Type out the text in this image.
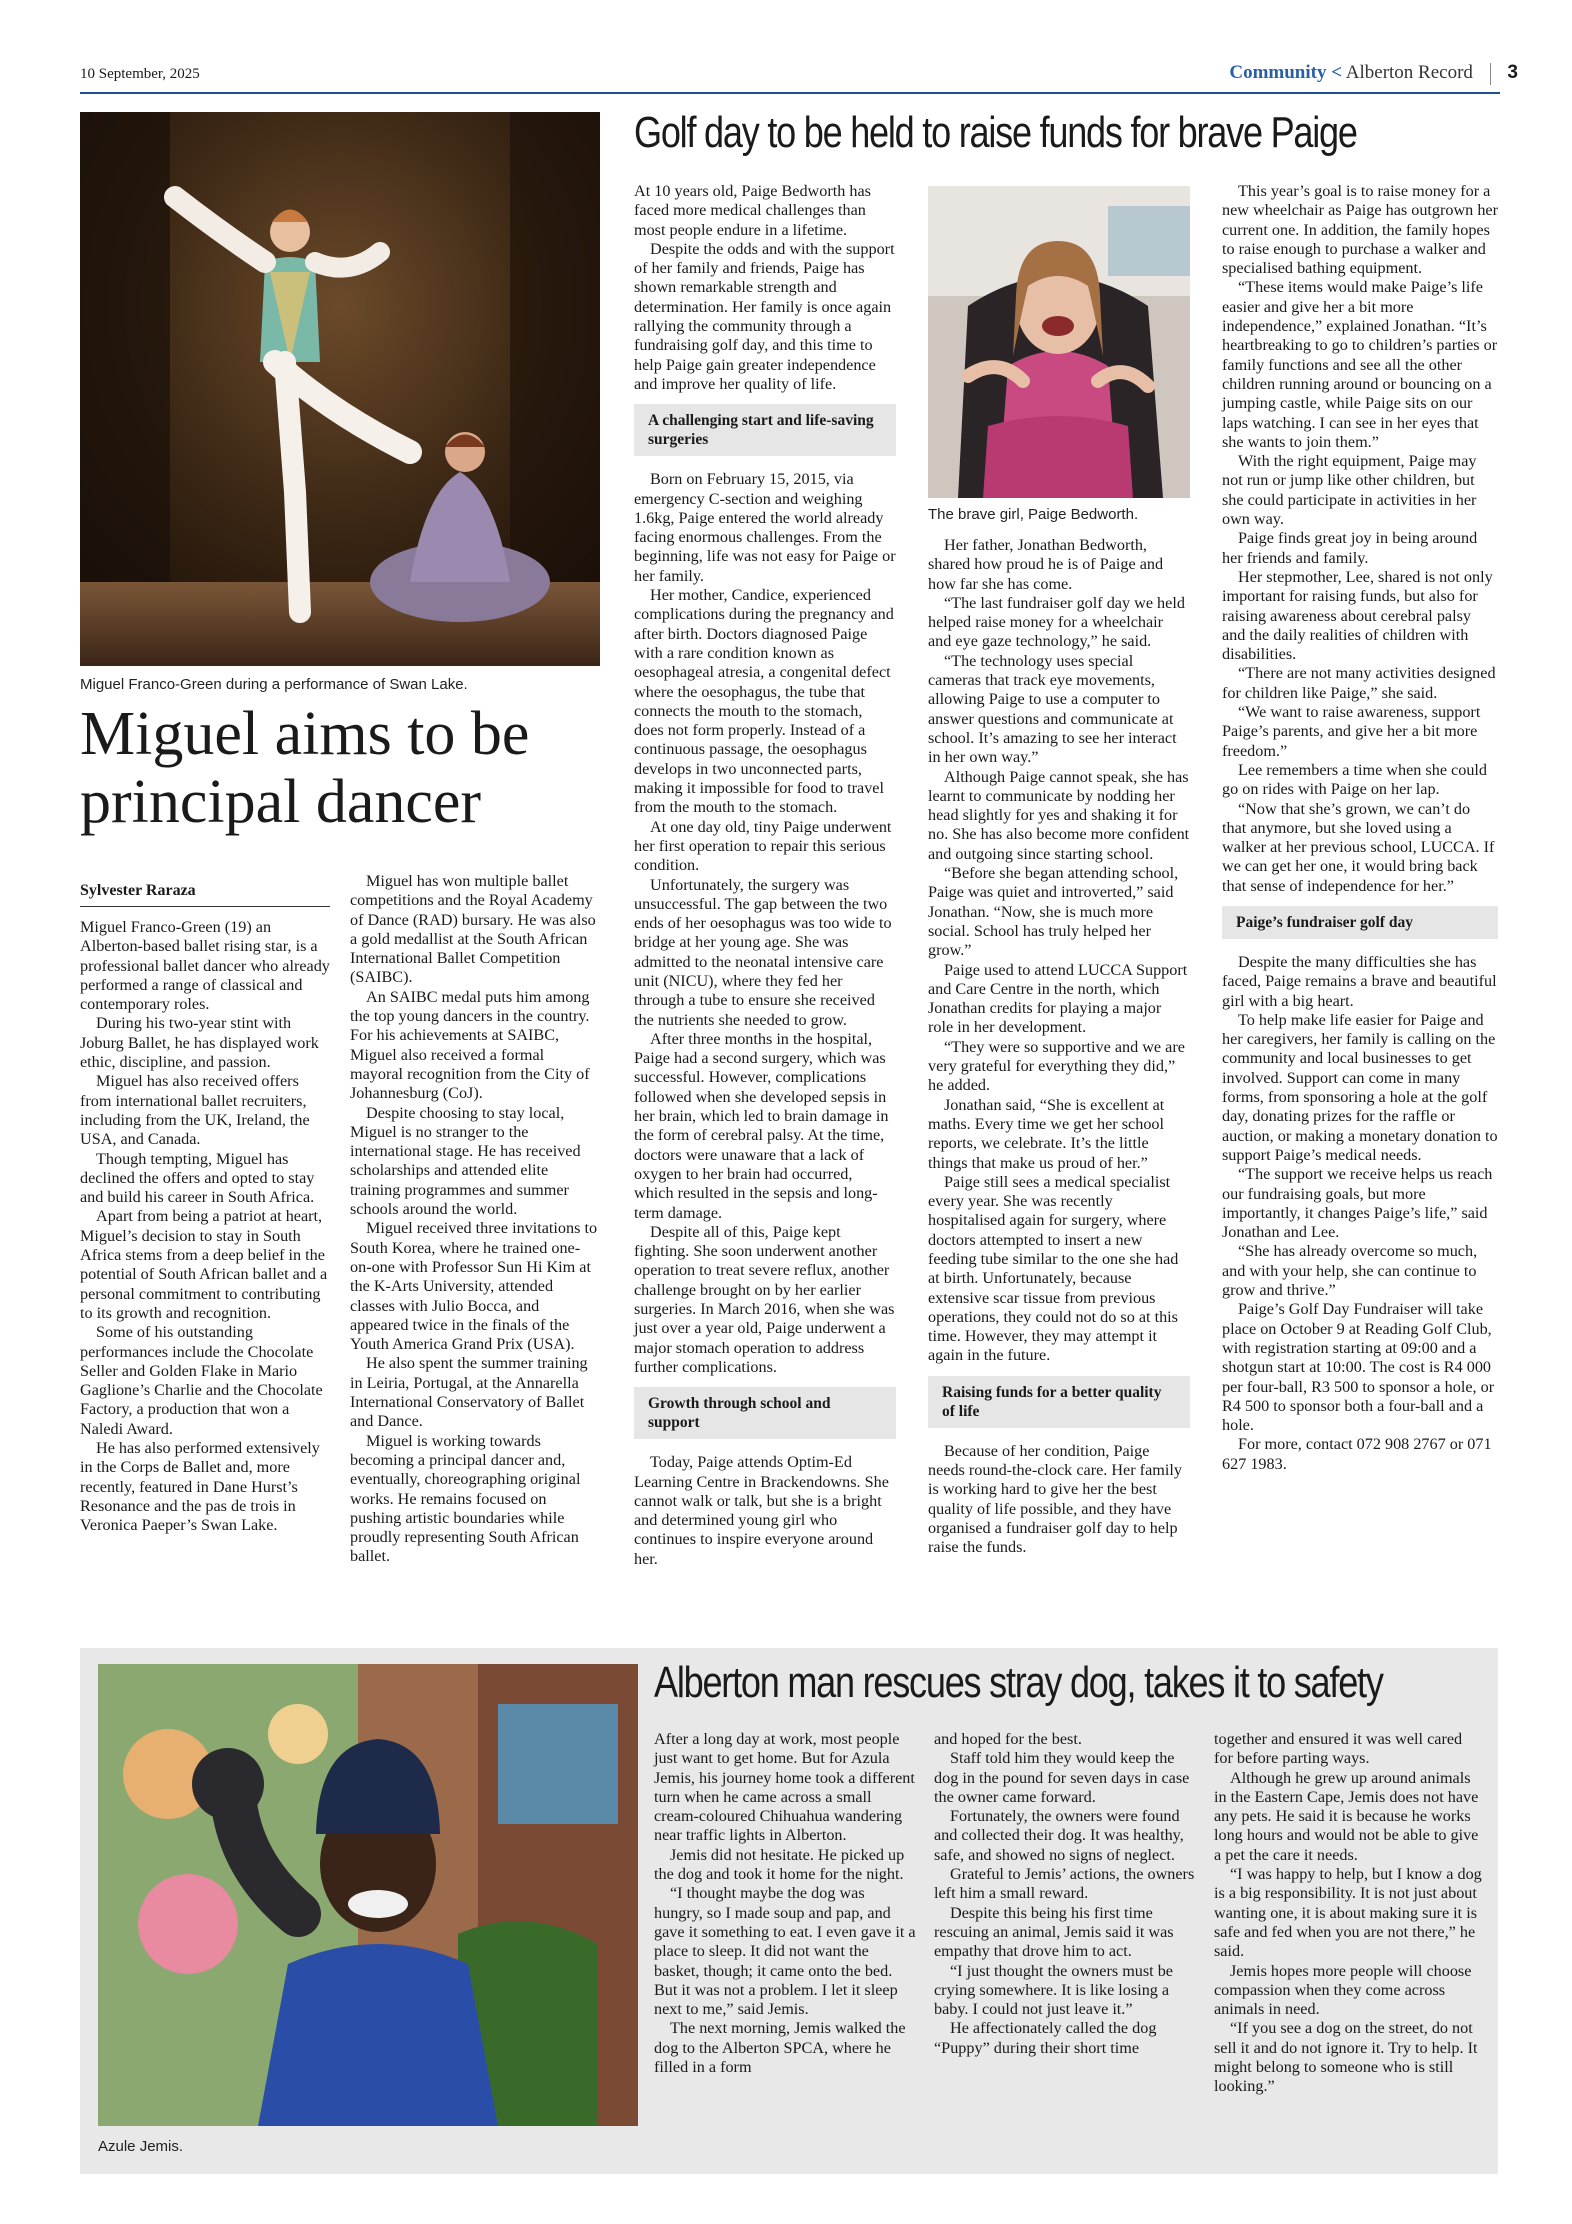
10 September, 2025	Community < Alberton Record 3
Miguel Franco-Green during a performance of Swan Lake.
Miguel aims to be principal dancer
Sylvester Raraza

Miguel Franco-Green (19) an Alberton-based ballet rising star, is a professional ballet dancer who already performed a range of classical and contemporary roles.

During his two-year stint with Joburg Ballet, he has displayed work ethic, discipline, and passion.

Miguel has also received offers from international ballet recruiters, including from the UK, Ireland, the USA, and Canada.

Though tempting, Miguel has declined the offers and opted to stay and build his career in South Africa.

Apart from being a patriot at heart, Miguel’s decision to stay in South Africa stems from a deep belief in the potential of South African ballet and a personal commitment to contributing to its growth and recognition.

Some of his outstanding performances include the Chocolate Seller and Golden Flake in Mario Gaglione’s Charlie and the Chocolate Factory, a production that won a Naledi Award.

He has also performed extensively in the Corps de Ballet and, more recently, featured in Dane Hurst’s Resonance and the pas de trois in Veronica Paeper’s Swan Lake.

Miguel has won multiple ballet competitions and the Royal Academy of Dance (RAD) bursary. He was also a gold medallist at the South African International Ballet Competition (SAIBC).

An SAIBC medal puts him among the top young dancers in the country. For his achievements at SAIBC, Miguel also received a formal mayoral recognition from the City of Johannesburg (CoJ).

Despite choosing to stay local, Miguel is no stranger to the international stage. He has received scholarships and attended elite training programmes and summer schools around the world.

Miguel received three invitations to South Korea, where he trained one-on-one with Professor Sun Hi Kim at the K-Arts University, attended classes with Julio Bocca, and appeared twice in the finals of the Youth America Grand Prix (USA).

He also spent the summer training in Leiria, Portugal, at the Annarella International Conservatory of Ballet and Dance.

Miguel is working towards becoming a principal dancer and, eventually, choreographing original works. He remains focused on pushing artistic boundaries while proudly representing South African ballet.

Golf day to be held to raise funds for brave Paige

At 10 years old, Paige Bedworth has faced more medical challenges than most people endure in a lifetime.

Despite the odds and with the support of her family and friends, Paige has shown remarkable strength and determination. Her family is once again rallying the community through a fundraising golf day, and this time to help Paige gain greater independence and improve her quality of life.

A challenging start and life-saving surgeries

Born on February 15, 2015, via emergency C-section and weighing 1.6kg, Paige entered the world already facing enormous challenges. From the beginning, life was not easy for Paige or her family.

Her mother, Candice, experienced complications during the pregnancy and after birth. Doctors diagnosed Paige with a rare condition known as oesophageal atresia, a congenital defect where the oesophagus, the tube that connects the mouth to the stomach, does not form properly. Instead of a continuous passage, the oesophagus develops in two unconnected parts, making it impossible for food to travel from the mouth to the stomach.

At one day old, tiny Paige underwent her first operation to repair this serious condition.

Unfortunately, the surgery was unsuccessful. The gap between the two ends of her oesophagus was too wide to bridge at her young age. She was admitted to the neonatal intensive care unit (NICU), where they fed her through a tube to ensure she received the nutrients she needed to grow.

After three months in the hospital, Paige had a second surgery, which was successful. However, complications followed when she developed sepsis in her brain, which led to brain damage in the form of cerebral palsy. At the time, doctors were unaware that a lack of oxygen to her brain had occurred, which resulted in the sepsis and long-term damage.

Despite all of this, Paige kept fighting. She soon underwent another operation to treat severe reflux, another challenge brought on by her earlier surgeries. In March 2016, when she was just over a year old, Paige underwent a major stomach operation to address further complications.

Growth through school and support

Today, Paige attends Optim-Ed Learning Centre in Brackendowns. She cannot walk or talk, but she is a bright and determined young girl who continues to inspire everyone around her.

The brave girl, Paige Bedworth.

Her father, Jonathan Bedworth, shared how proud he is of Paige and how far she has come.

“The last fundraiser golf day we held helped raise money for a wheelchair and eye gaze technology,” he said.

“The technology uses special cameras that track eye movements, allowing Paige to use a computer to answer questions and communicate at school. It’s amazing to see her interact in her own way.”

Although Paige cannot speak, she has learnt to communicate by nodding her head slightly for yes and shaking it for no. She has also become more confident and outgoing since starting school.

“Before she began attending school, Paige was quiet and introverted,” said Jonathan. “Now, she is much more social. School has truly helped her grow.”

Paige used to attend LUCCA Support and Care Centre in the north, which Jonathan credits for playing a major role in her development.

“They were so supportive and we are very grateful for everything they did,” he added.

Jonathan said, “She is excellent at maths. Every time we get her school reports, we celebrate. It’s the little things that make us proud of her.”

Paige still sees a medical specialist every year. She was recently hospitalised again for surgery, where doctors attempted to insert a new feeding tube similar to the one she had at birth. Unfortunately, because extensive scar tissue from previous operations, they could not do so at this time. However, they may attempt it again in the future.

Raising funds for a better quality of life

Because of her condition, Paige needs round-the-clock care. Her family is working hard to give her the best quality of life possible, and they have organised a fundraiser golf day to help raise the funds.

This year’s goal is to raise money for a new wheelchair as Paige has outgrown her current one. In addition, the family hopes to raise enough to purchase a walker and specialised bathing equipment.

“These items would make Paige’s life easier and give her a bit more independence,” explained Jonathan. “It’s heartbreaking to go to children’s parties or family functions and see all the other children running around or bouncing on a jumping castle, while Paige sits on our laps watching. I can see in her eyes that she wants to join them.”

With the right equipment, Paige may not run or jump like other children, but she could participate in activities in her own way.

Paige finds great joy in being around her friends and family.

Her stepmother, Lee, shared is not only important for raising funds, but also for raising awareness about cerebral palsy and the daily realities of children with disabilities.

“There are not many activities designed for children like Paige,” she said.

“We want to raise awareness, support Paige’s parents, and give her a bit more freedom.”

Lee remembers a time when she could go on rides with Paige on her lap.

“Now that she’s grown, we can’t do that anymore, but she loved using a walker at her previous school, LUCCA. If we can get her one, it would bring back that sense of independence for her.”

Paige’s fundraiser golf day

Despite the many difficulties she has faced, Paige remains a brave and beautiful girl with a big heart.

To help make life easier for Paige and her caregivers, her family is calling on the community and local businesses to get involved. Support can come in many forms, from sponsoring a hole at the golf day, donating prizes for the raffle or auction, or making a monetary donation to support Paige’s medical needs.

“The support we receive helps us reach our fundraising goals, but more importantly, it changes Paige’s life,” said Jonathan and Lee.

“She has already overcome so much, and with your help, she can continue to grow and thrive.”

Paige’s Golf Day Fundraiser will take place on October 9 at Reading Golf Club, with registration starting at 09:00 and a shotgun start at 10:00. The cost is R4 000 per four-ball, R3 500 to sponsor a hole, or R4 500 to sponsor both a four-ball and a hole.

For more, contact 072 908 2767 or 071 627 1983.

Azule Jemis.
Alberton man rescues stray dog, takes it to safety

After a long day at work, most people just want to get home. But for Azula Jemis, his journey home took a different turn when he came across a small cream-coloured Chihuahua wandering near traffic lights in Alberton.

Jemis did not hesitate. He picked up the dog and took it home for the night.

“I thought maybe the dog was hungry, so I made soup and pap, and gave it something to eat. I even gave it a place to sleep. It did not want the basket, though; it came onto the bed. But it was not a problem. I let it sleep next to me,” said Jemis.

The next morning, Jemis walked the dog to the Alberton SPCA, where he filled in a form

and hoped for the best.

Staff told him they would keep the dog in the pound for seven days in case the owner came forward.

Fortunately, the owners were found and collected their dog. It was healthy, safe, and showed no signs of neglect.

Grateful to Jemis’ actions, the owners left him a small reward.

Despite this being his first time rescuing an animal, Jemis said it was empathy that drove him to act.

“I just thought the owners must be crying somewhere. It is like losing a baby. I could not just leave it.”

He affectionately called the dog “Puppy” during their short time

together and ensured it was well cared for before parting ways.

Although he grew up around animals in the Eastern Cape, Jemis does not have any pets. He said it is because he works long hours and would not be able to give a pet the care it needs.

“I was happy to help, but I know a dog is a big responsibility. It is not just about wanting one, it is about making sure it is safe and fed when you are not there,” he said.

Jemis hopes more people will choose compassion when they come across animals in need.

“If you see a dog on the street, do not sell it and do not ignore it. Try to help. It might belong to someone who is still looking.”
